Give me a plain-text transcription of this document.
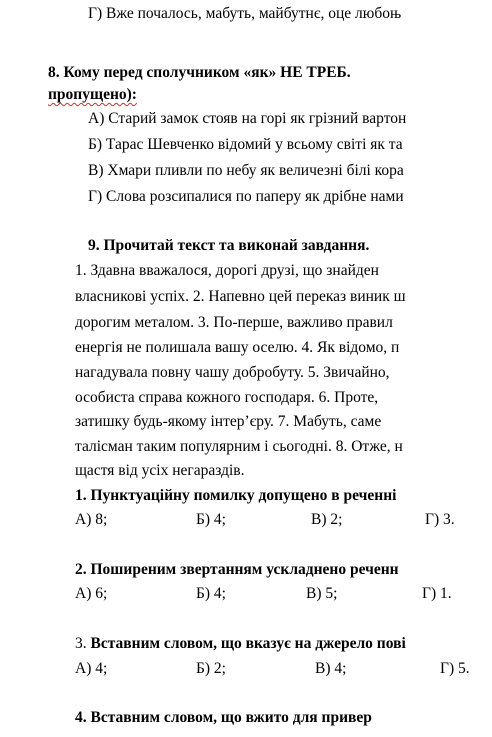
Г) Вже почалось, мабуть, майбутнє, оце любоњ
8. Кому перед сполучником «як» НЕ ТРЕБ.
пропущено):
А) Старий замок стояв на горі як грізний вартон
Б) Тарас Шевченко відомий у всьому світі як та
В) Хмари пливли по небу як величезні білі кора
Г) Слова розсипалися по паперу як дрібне нами
9. Прочитай текст та виконай завдання.
1. Здавна вважалося, дорогі друзі, що знайден
власникові успіх. 2. Напевно цей переказ виник ш
дорогим металом. 3. По-перше, важливо правил
енергія не полишала вашу оселю. 4. Як відомо, п
нагадувала повну чашу добробуту. 5. Звичайно,
особиста справа кожного господаря. 6. Проте,
затишку будь-якому інтер’єру. 7. Мабуть, саме
талісман таким популярним і сьогодні. 8. Отже, н
щастя від усіх негараздів.
1. Пунктуаційну помилку допущено в реченні
А) 8;	Б) 4;	В) 2;	Г) 3.
2. Поширеним звертанням ускладнено реченн
А) 6;	Б) 4;	В) 5;	Г) 1.
3. Вставним словом, що вказує на джерело пові
А) 4;	Б) 2;	В) 4;	Г) 5.
4. Вставним словом, що вжито для привер
